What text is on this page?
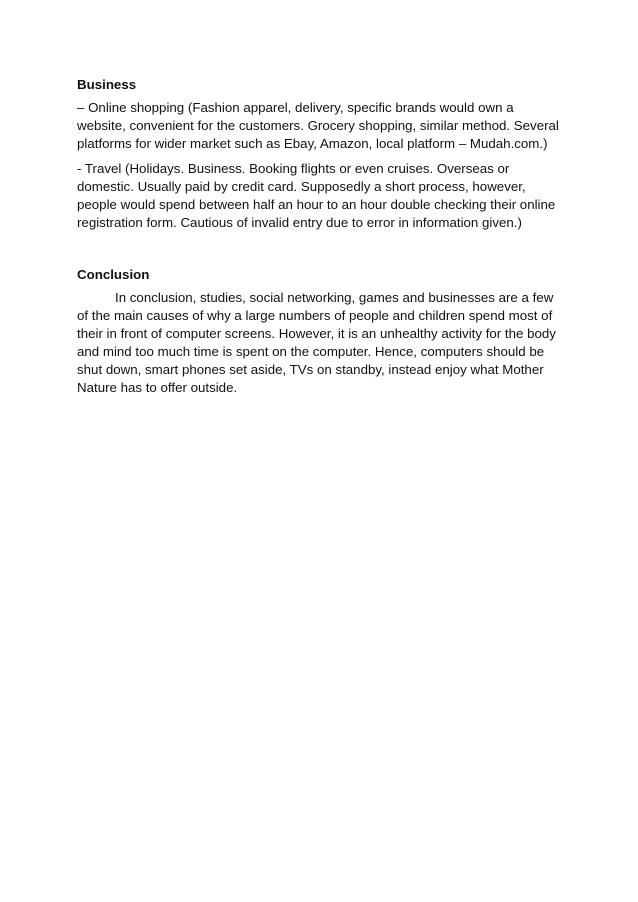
Business

– Online shopping (Fashion apparel, delivery, specific brands would own a website, convenient for the customers. Grocery shopping, similar method. Several platforms for wider market such as Ebay, Amazon, local platform – Mudah.com.)

- Travel (Holidays. Business. Booking flights or even cruises. Overseas or domestic. Usually paid by credit card. Supposedly a short process, however, people would spend between half an hour to an hour double checking their online registration form. Cautious of invalid entry due to error in information given.)

Conclusion

In conclusion, studies, social networking, games and businesses are a few of the main causes of why a large numbers of people and children spend most of their in front of computer screens. However, it is an unhealthy activity for the body and mind too much time is spent on the computer. Hence, computers should be shut down, smart phones set aside, TVs on standby, instead enjoy what Mother Nature has to offer outside.
